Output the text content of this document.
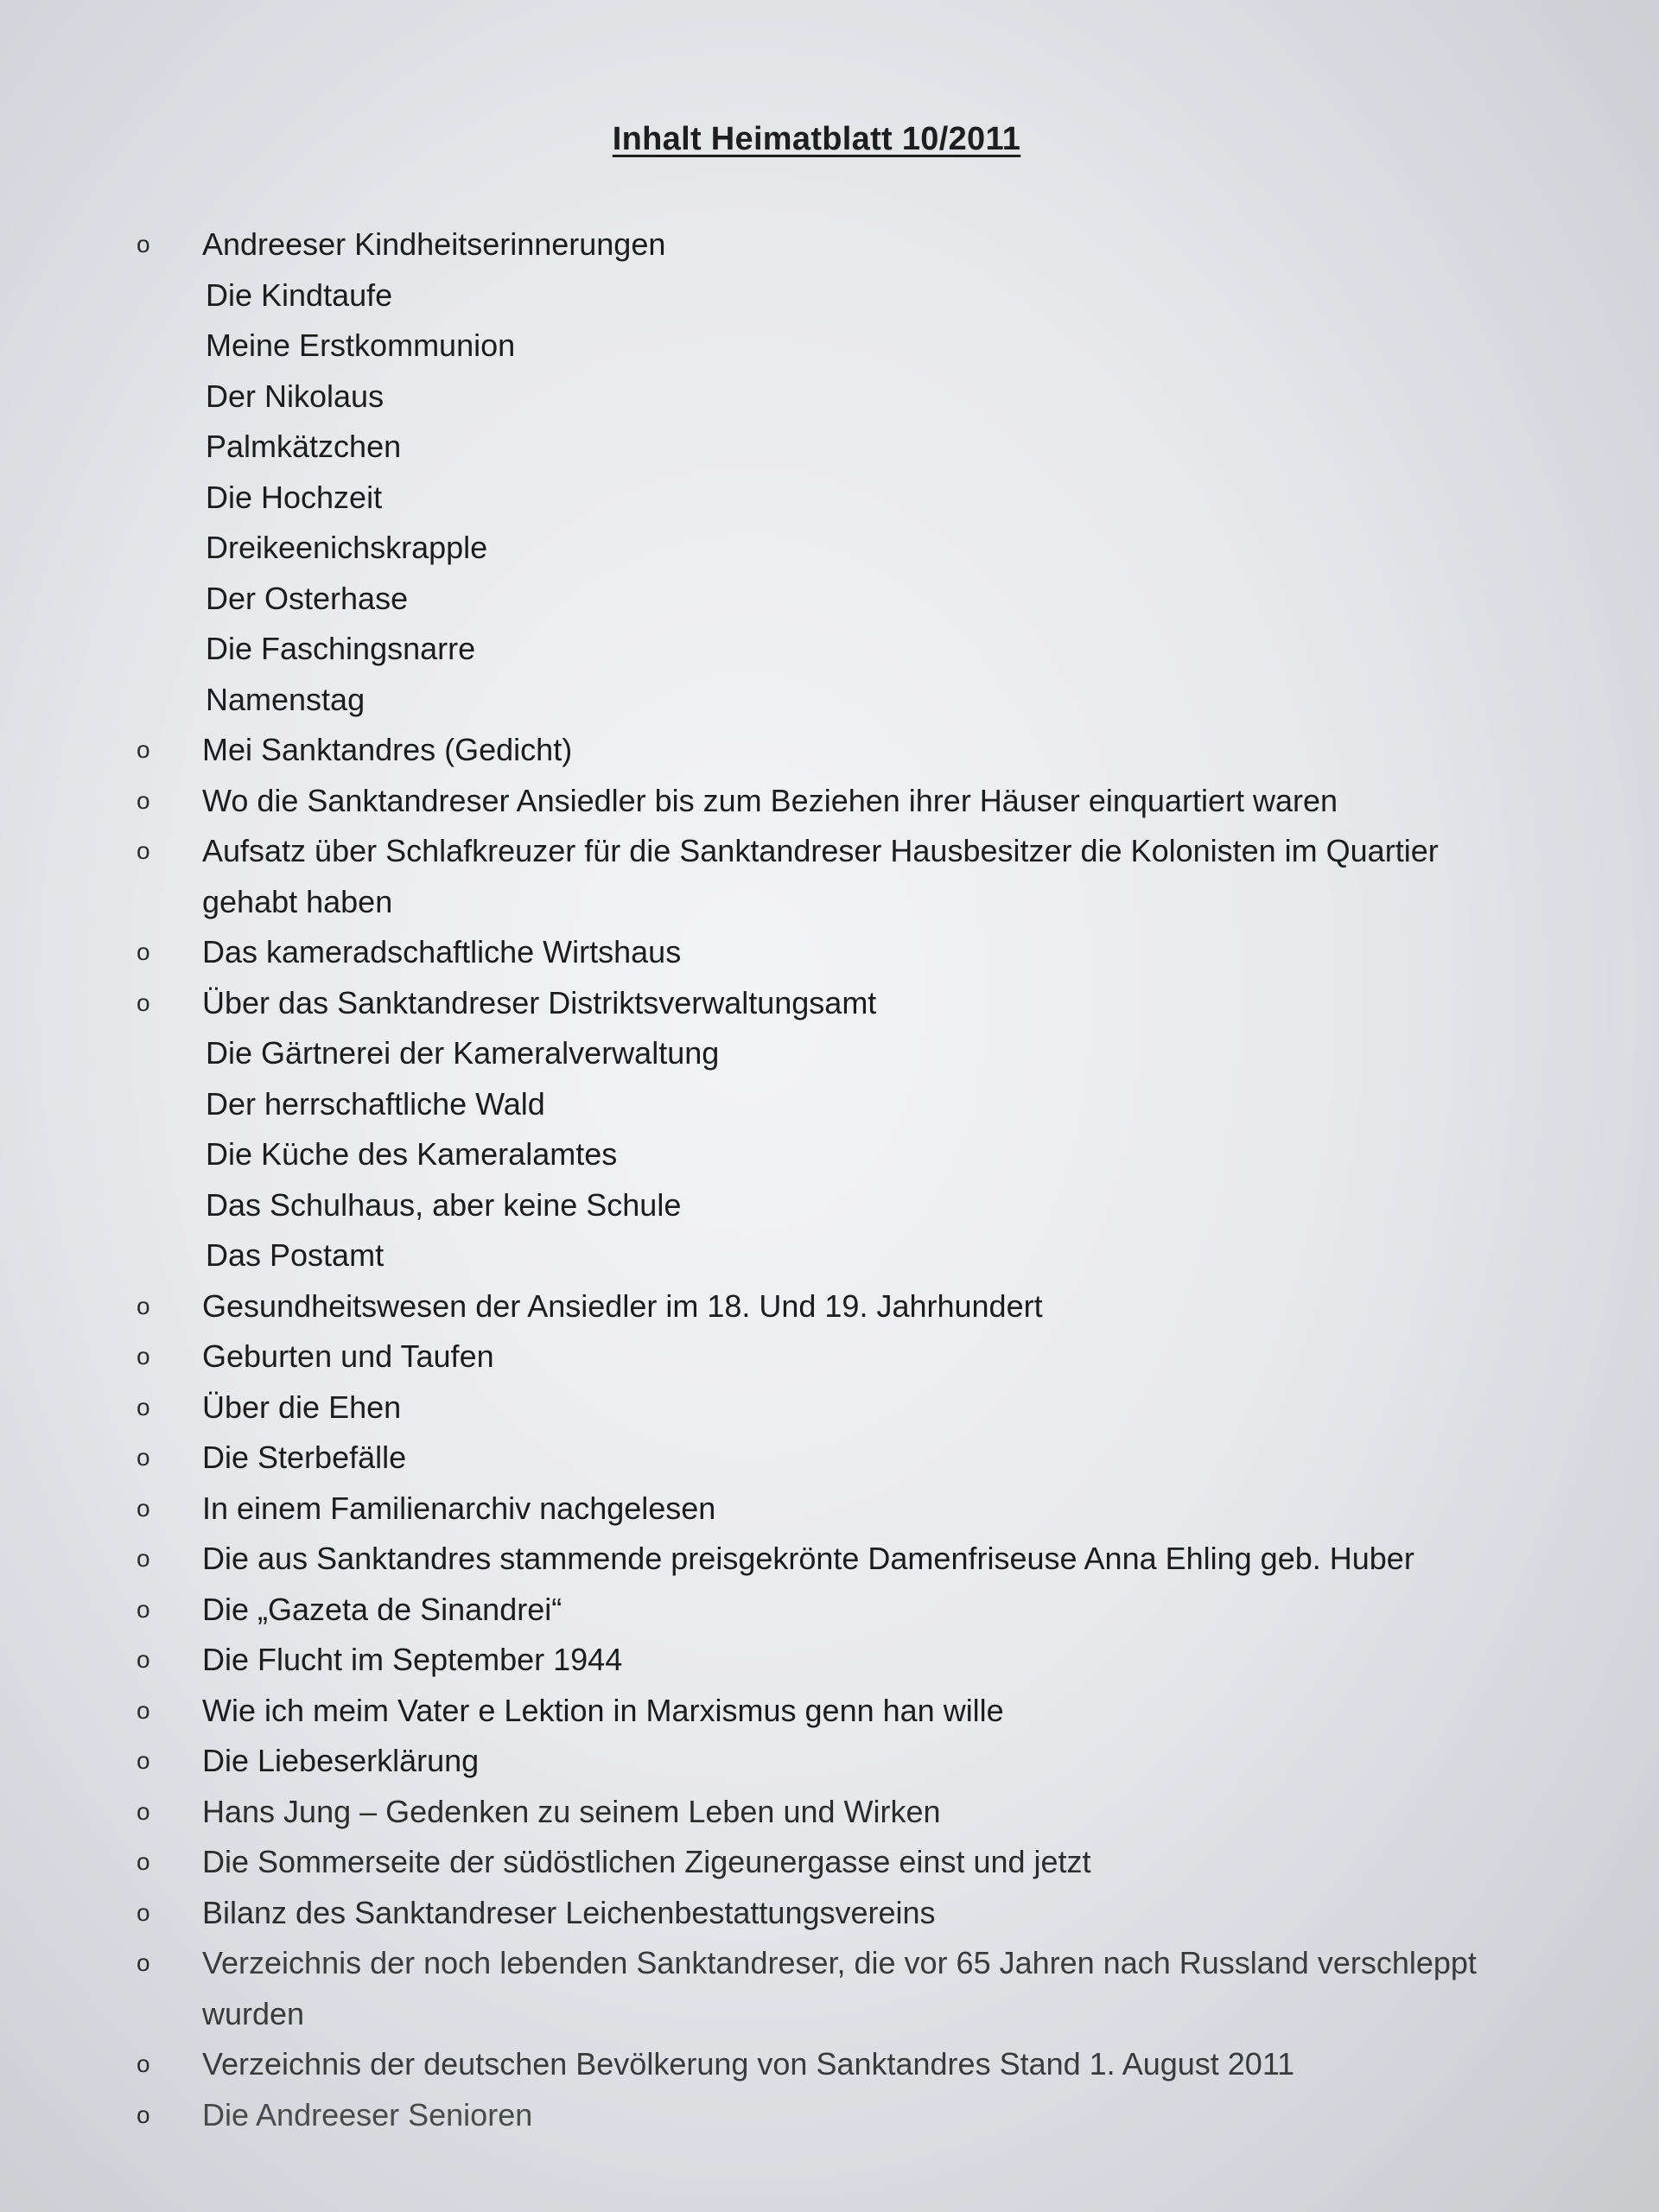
Inhalt Heimatblatt 10/2011
o Andreeser Kindheitserinnerungen
Die Kindtaufe
Meine Erstkommunion
Der Nikolaus
Palmkätzchen
Die Hochzeit
Dreikeenichskrapple
Der Osterhase
Die Faschingsnarre
Namenstag
o Mei Sanktandres (Gedicht)
o Wo die Sanktandreser Ansiedler bis zum Beziehen ihrer Häuser einquartiert waren
o Aufsatz über Schlafkreuzer für die Sanktandreser Hausbesitzer die Kolonisten im Quartier gehabt haben
o Das kameradschaftliche Wirtshaus
o Über das Sanktandreser Distriktsverwaltungsamt
Die Gärtnerei der Kameralverwaltung
Der herrschaftliche Wald
Die Küche des Kameralamtes
Das Schulhaus, aber keine Schule
Das Postamt
o Gesundheitswesen der Ansiedler im 18. Und 19. Jahrhundert
o Geburten und Taufen
o Über die Ehen
o Die Sterbefälle
o In einem Familienarchiv nachgelesen
o Die aus Sanktandres stammende preisgekrönte Damenfriseuse Anna Ehling geb. Huber
o Die „Gazeta de Sinandrei“
o Die Flucht im September 1944
o Wie ich meim Vater e Lektion in Marxismus genn han wille
o Die Liebeserklärung
o Hans Jung – Gedenken zu seinem Leben und Wirken
o Die Sommerseite der südöstlichen Zigeunergasse einst und jetzt
o Bilanz des Sanktandreser Leichenbestattungsvereins
o Verzeichnis der noch lebenden Sanktandreser, die vor 65 Jahren nach Russland verschleppt wurden
o Verzeichnis der deutschen Bevölkerung von Sanktandres Stand 1. August 2011
o Die Andreeser Senioren
